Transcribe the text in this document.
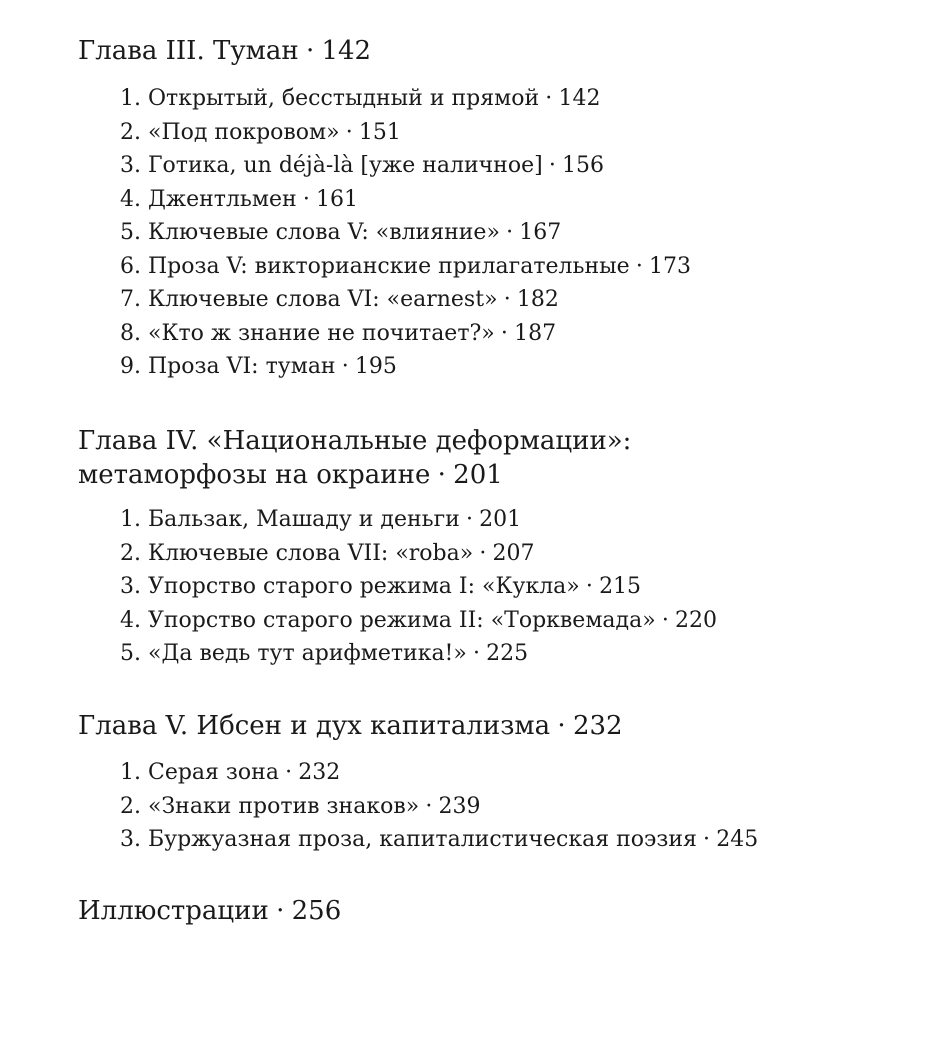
Глава III. Туман · 142
1. Открытый, бесстыдный и прямой · 142
2. «Под покровом» · 151
3. Готика, un déjà-là [уже наличное] · 156
4. Джентльмен · 161
5. Ключевые слова V: «влияние» · 167
6. Проза V: викторианские прилагательные · 173
7. Ключевые слова VI: «earnest» · 182
8. «Кто ж знание не почитает?» · 187
9. Проза VI: туман · 195
Глава IV. «Национальные деформации»:
метаморфозы на окраине · 201
1. Бальзак, Машаду и деньги · 201
2. Ключевые слова VII: «roba» · 207
3. Упорство старого режима I: «Кукла» · 215
4. Упорство старого режима II: «Торквемада» · 220
5. «Да ведь тут арифметика!» · 225
Глава V. Ибсен и дух капитализма · 232
1. Серая зона · 232
2. «Знаки против знаков» · 239
3. Буржуазная проза, капиталистическая поэзия · 245
Иллюстрации · 256
